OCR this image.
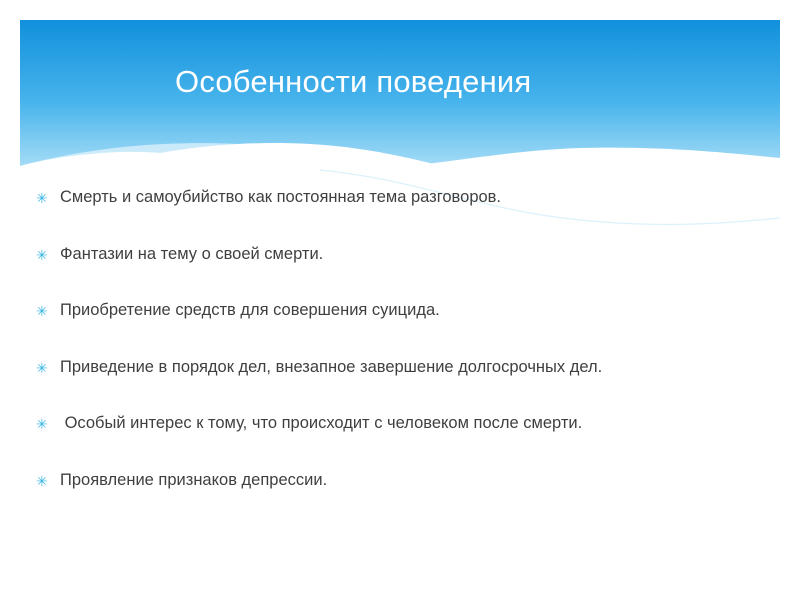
Особенности поведения
✳ Смерть и самоубийство как постоянная тема разговоров.
✳ Фантазии на тему о своей смерти.
✳ Приобретение средств для совершения суицида.
✳ Приведение в порядок дел, внезапное завершение долгосрочных дел.
✳ Особый интерес к тому, что происходит с человеком после смерти.
✳ Проявление признаков депрессии.
